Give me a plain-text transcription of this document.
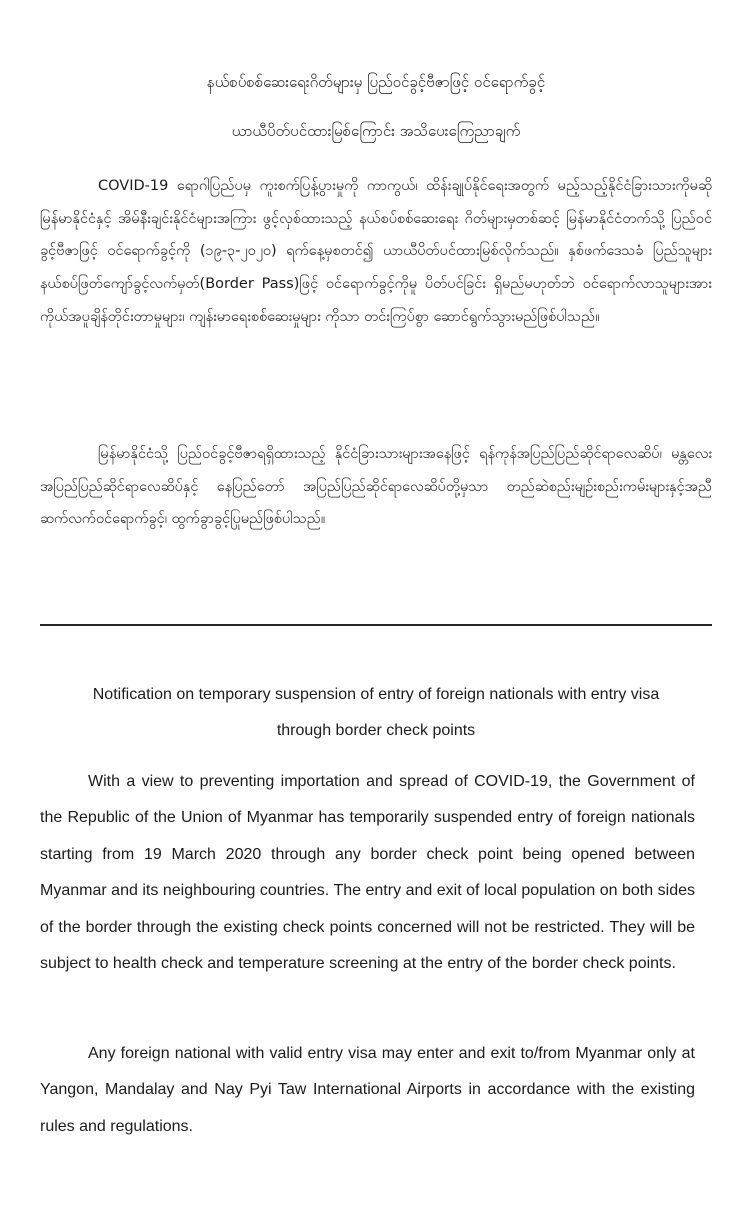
နယ်စပ်စစ်ဆေးရေးဂိတ်များမှ ပြည်ဝင်ခွင့်ဗီဇာဖြင့် ဝင်ရောက်ခွင့်
ယာယီပိတ်ပင်ထားမြစ်ကြောင်း အသိပေးကြေညာချက်

COVID-19 ရောဂါပြည်ပမှ ကူးစက်ပြန့်ပွားမှုကို ကာကွယ်၊ ထိန်းချုပ်နိုင်ရေးအတွက် မည့်သည့်နိုင်ငံခြားသားကိုမဆို မြန်မာနိုင်ငံနှင့် အိမ်နီးချင်းနိုင်ငံများအကြား ဖွင့်လှစ်ထားသည့် နယ်စပ်စစ်ဆေးရေး ဂိတ်များမှတစ်ဆင့် မြန်မာနိုင်ငံတက်သို့ ပြည်ဝင်ခွင့်ဗီဇာဖြင့် ဝင်ရောက်ခွင့်ကို (၁၉-၃-၂၀၂၀) ရက်နေ့မှစတင်၍ ယာယီပိတ်ပင်ထားမြစ်လိုက်သည်။ နှစ်ဖက်ဒေသခံ ပြည်သူများ နယ်စပ်ဖြတ်ကျော်ခွင့်လက်မှတ်(Border Pass)ဖြင့် ဝင်ရောက်ခွင့်ကိုမူ ပိတ်ပင်ခြင်း ရှိမည်မဟုတ်ဘဲ ဝင်ရောက်လာသူများအား ကိုယ်အပူချိန်တိုင်းတာမှုများ၊ ကျန်းမာရေးစစ်ဆေးမှုများ ကိုသာ တင်းကြပ်စွာ ဆောင်ရွက်သွားမည်ဖြစ်ပါသည်။

မြန်မာနိုင်ငံသို့ ပြည်ဝင်ခွင့်ဗီဇာရရှိထားသည့် နိုင်ငံခြားသားများအနေဖြင့် ရန်ကုန်အပြည်ပြည်ဆိုင်ရာလေဆိပ်၊ မန္တလေးအပြည်ပြည်ဆိုင်ရာလေဆိပ်နှင့် နေပြည်တော် အပြည်ပြည်ဆိုင်ရာလေဆိပ်တို့မှသာ တည်ဆဲစည်းမျဉ်းစည်းကမ်းများနှင့်အညီ ဆက်လက်ဝင်ရောက်ခွင့်၊ ထွက်ခွာခွင့်ပြုမည်ဖြစ်ပါသည်။

Notification on temporary suspension of entry of foreign nationals with entry visa
through border check points

With a view to preventing importation and spread of COVID-19, the Government of the Republic of the Union of Myanmar has temporarily suspended entry of foreign nationals starting from 19 March 2020 through any border check point being opened between Myanmar and its neighbouring countries. The entry and exit of local population on both sides of the border through the existing check points concerned will not be restricted. They will be subject to health check and temperature screening at the entry of the border check points.

Any foreign national with valid entry visa may enter and exit to/from Myanmar only at Yangon, Mandalay and Nay Pyi Taw International Airports in accordance with the existing rules and regulations.
